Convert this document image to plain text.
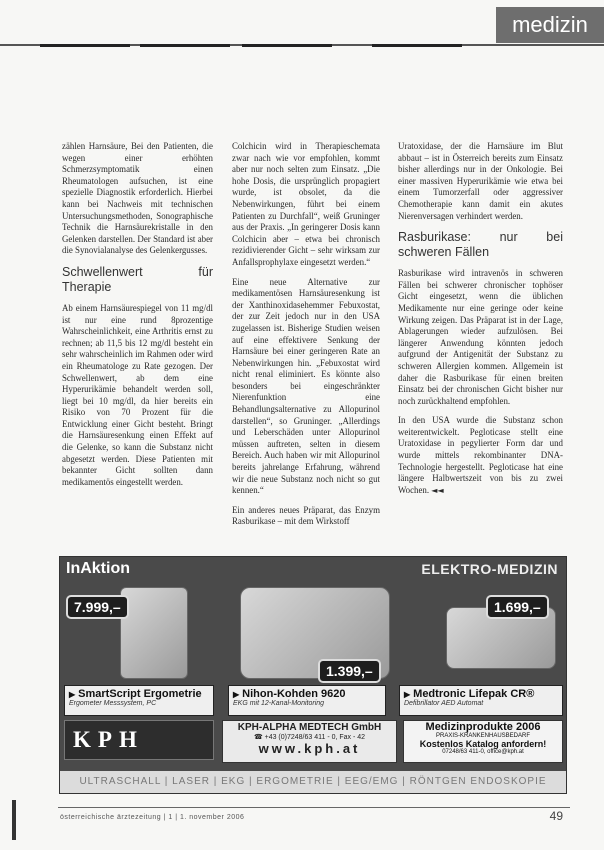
medizin

zählen Harnsäure, Bei den Patienten, die wegen einer erhöhten Schmerzsymptomatik einen Rheumatologen aufsuchen, ist eine spezielle Diagnostik erforderlich. Hierbei kann bei Nachweis mit technischen Untersuchungsmethoden, Sonographische Technik die Harnsäurekristalle in den Gelenken darstellen. Der Standard ist aber die Synovialanalyse des Gelenkergusses.

Schwellenwert für Therapie

Ab einem Harnsäurespiegel von 11 mg/dl ist nur eine rund 8prozentige Wahrscheinlichkeit, eine Arthritis ernst zu rechnen; ab 11,5 bis 12 mg/dl besteht ein sehr wahrscheinlich im Rahmen oder wird ein Rheumatologe zu Rate gezogen. Der Schwellenwert, ab dem eine Hyperurikämie behandelt werden soll, liegt bei 10 mg/dl, da hier bereits ein Risiko von 70 Prozent für die Entwicklung einer Gicht besteht. Bringt die Harnsäuresenkung einen Effekt auf die Gelenke, so kann die Substanz nicht abgesetzt werden. Diese Patienten mit bekannter Gicht sollten dann medikamentös eingestellt werden.

Colchicin wird in Therapieschemata zwar nach wie vor empfohlen, kommt aber nur noch selten zum Einsatz. „Die hohe Dosis, die ursprünglich propagiert wurde, ist obsolet, da die Nebenwirkungen, führt bei einem Patienten zu Durchfall“, weiß Gruninger aus der Praxis. „In geringerer Dosis kann Colchicin aber – etwa bei chronisch rezidivierender Gicht – sehr wirksam zur Anfallsprophylaxe eingesetzt werden.“

Eine neue Alternative zur medikamentösen Harnsäuresenkung ist der Xanthinoxidasehemmer Febuxostat, der zur Zeit jedoch nur in den USA zugelassen ist. Bisherige Studien weisen auf eine effektivere Senkung der Harnsäure bei einer geringeren Rate an Nebenwirkungen hin. „Febuxostat wird nicht renal eliminiert. Es könnte also besonders bei eingeschränkter Nierenfunktion eine Behandlungsalternative zu Allopurinol darstellen“, so Gruninger. „Allerdings und Leberschäden unter Allopurinol müssen auftreten, selten in diesem Bereich. Auch haben wir mit Allopurinol bereits jahrelange Erfahrung, während wir die neue Substanz noch nicht so gut kennen.“

Ein anderes neues Präparat, das Enzym Rasburikase – mit dem Wirkstoff

Uratoxidase, der die Harnsäure im Blut abbaut – ist in Österreich bereits zum Einsatz bisher allerdings nur in der Onkologie. Bei einer massiven Hyperurikämie wie etwa bei einem Tumorzerfall oder aggressiver Chemotherapie kann damit ein akutes Nierenversagen verhindert werden.

Rasburikase: nur bei schweren Fällen

Rasburikase wird intravenös in schweren Fällen bei schwerer chronischer tophöser Gicht eingesetzt, wenn die üblichen Medikamente nur eine geringe oder keine Wirkung zeigen. Das Präparat ist in der Lage, Ablagerungen wieder aufzulösen. Bei längerer Anwendung könnten jedoch aufgrund der Antigenität der Substanz zu schweren Allergien kommen. Allgemein ist daher die Rasburikase für einen breiten Einsatz bei der chronischen Gicht bisher nur noch zurückhaltend empfohlen.

In den USA wurde die Substanz schon weiterentwickelt. Pegloticase stellt eine Uratoxidase in pegylierter Form dar und wurde mittels rekombinanter DNA-Technologie hergestellt. Pegloticase hat eine längere Halbwertszeit von bis zu zwei Wochen. ◄◄

InAktion	ELEKTRO-MEDIZIN
7.999,–
1.399,–
1.699,–
▶ SmartScript Ergometrie
Ergometer Messsystem, PC
▶ Nihon-Kohden 9620
EKG mit 12-Kanal-Monitoring
▶ Medtronic Lifepak CR®
Defibrillator AED Automat
KPH	KPH-ALPHA MEDTECH GmbH
☎ +43 (0)7248/63 411 - 0, Fax - 42
www.kph.at
Medizinprodukte 2006
PRAXIS-KRANKENHAUSBEDARF
Kostenlos Katalog anfordern!
07248/63 411-0, office@kph.at
ULTRASCHALL | LASER | EKG | ERGOMETRIE | EEG/EMG | RÖNTGEN ENDOSKOPIE
österreichische ärztezeitung | 1 | 1. november 2006	49
